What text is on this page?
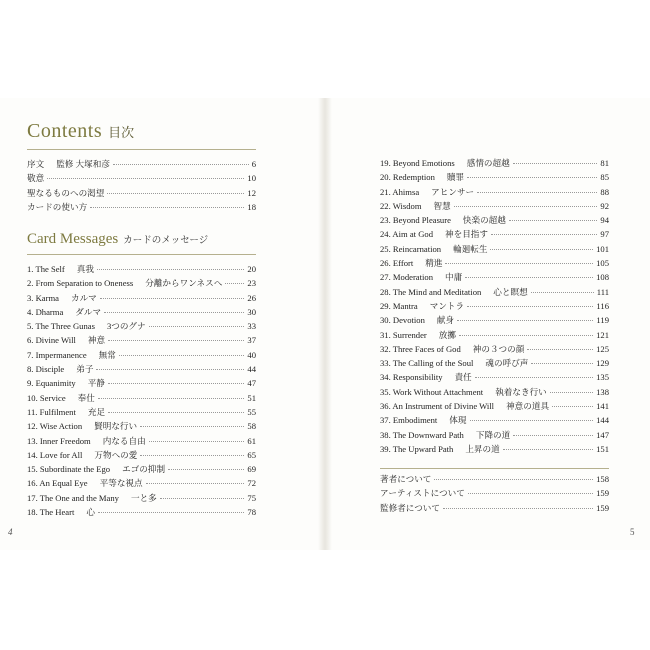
Contents 目次
序文 監修 大塚和彦	6
敬意	10
聖なるものへの渇望	12
カードの使い方	18
Card Messages カードのメッセージ
1. The Self 真我	20
2. From Separation to Oneness 分離からワンネスへ	23
3. Karma カルマ	26
4. Dharma ダルマ	30
5. The Three Gunas 3つのグナ	33
6. Divine Will 神意	37
7. Impermanence 無常	40
8. Disciple 弟子	44
9. Equanimity 平静	47
10. Service 奉仕	51
11. Fulfilment 充足	55
12. Wise Action 賢明な行い	58
13. Inner Freedom 内なる自由	61
14. Love for All 万物への愛	65
15. Subordinate the Ego エゴの抑制	69
16. An Equal Eye 平等な視点	72
17. The One and the Many 一と多	75
18. The Heart 心	78
4
19. Beyond Emotions 感情の超越	81
20. Redemption 贖罪	85
21. Ahimsa アヒンサー	88
22. Wisdom 智慧	92
23. Beyond Pleasure 快楽の超越	94
24. Aim at God 神を目指す	97
25. Reincarnation 輪廻転生	101
26. Effort 精進	105
27. Moderation 中庸	108
28. The Mind and Meditation 心と瞑想	111
29. Mantra マントラ	116
30. Devotion 献身	119
31. Surrender 放擲	121
32. Three Faces of God 神の３つの顔	125
33. The Calling of the Soul 魂の呼び声	129
34. Responsibility 責任	135
35. Work Without Attachment 執着なき行い	138
36. An Instrument of Divine Will 神意の道具	141
37. Embodiment 体現	144
38. The Downward Path 下降の道	147
39. The Upward Path 上昇の道	151
著者について	158
アーティストについて	159
監修者について	159
5
